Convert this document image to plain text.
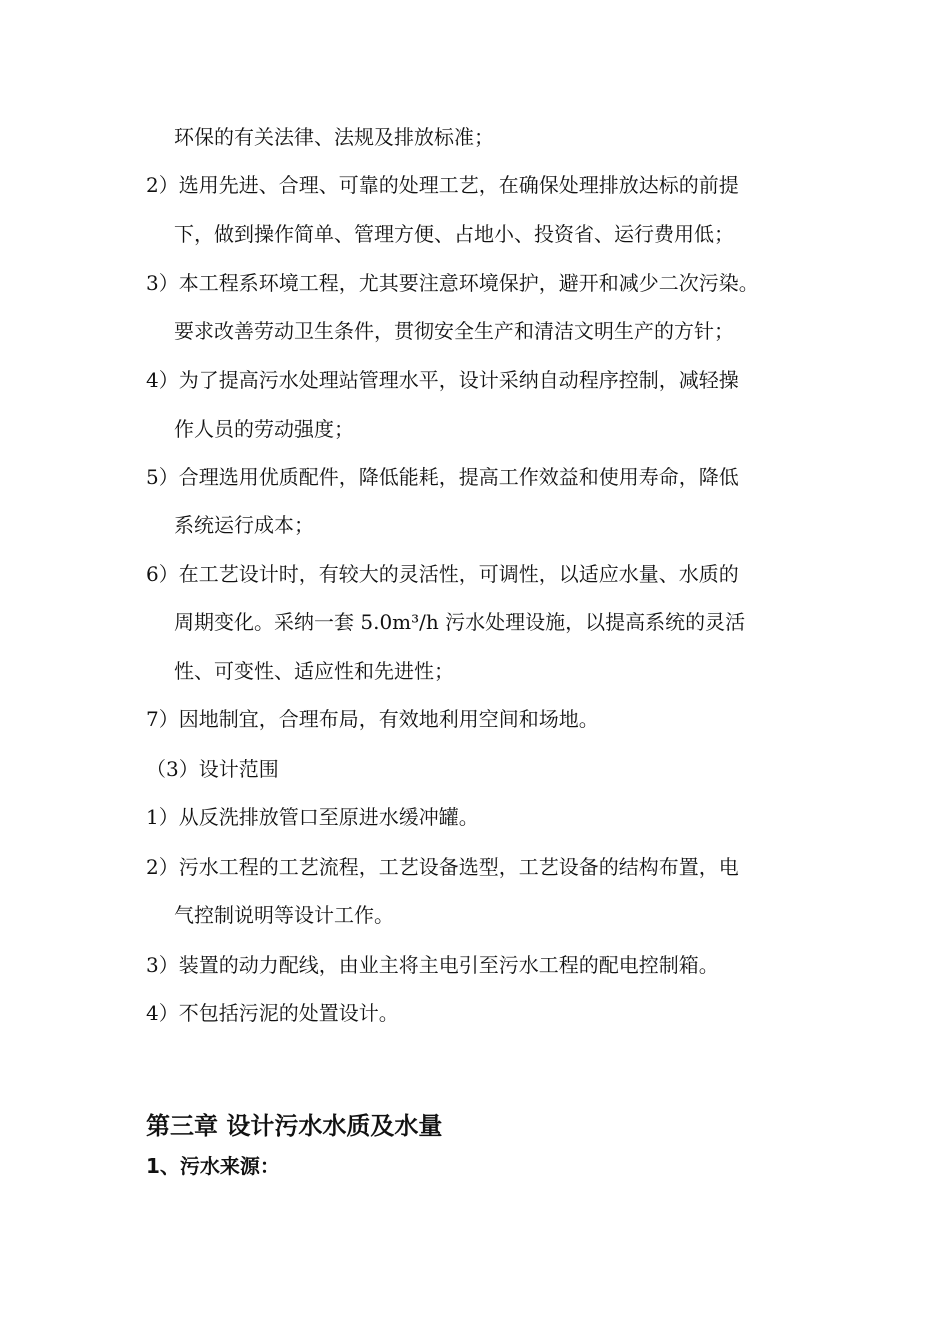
环保的有关法律、法规及排放标准；
2）选用先进、合理、可靠的处理工艺，在确保处理排放达标的前提
下，做到操作简单、管理方便、占地小、投资省、运行费用低；
3）本工程系环境工程，尤其要注意环境保护，避开和减少二次污染。
要求改善劳动卫生条件，贯彻安全生产和清洁文明生产的方针；
4）为了提高污水处理站管理水平，设计采纳自动程序控制，减轻操
作人员的劳动强度；
5）合理选用优质配件，降低能耗，提高工作效益和使用寿命，降低
系统运行成本；
6）在工艺设计时，有较大的灵活性，可调性，以适应水量、水质的
周期变化。采纳一套 5.0m³/h 污水处理设施，以提高系统的灵活
性、可变性、适应性和先进性；
7）因地制宜，合理布局，有效地利用空间和场地。
（3）设计范围
1）从反洗排放管口至原进水缓冲罐。
2）污水工程的工艺流程，工艺设备选型，工艺设备的结构布置，电
气控制说明等设计工作。
3）装置的动力配线，由业主将主电引至污水工程的配电控制箱。
4）不包括污泥的处置设计。
第三章 设计污水水质及水量
1、污水来源：
